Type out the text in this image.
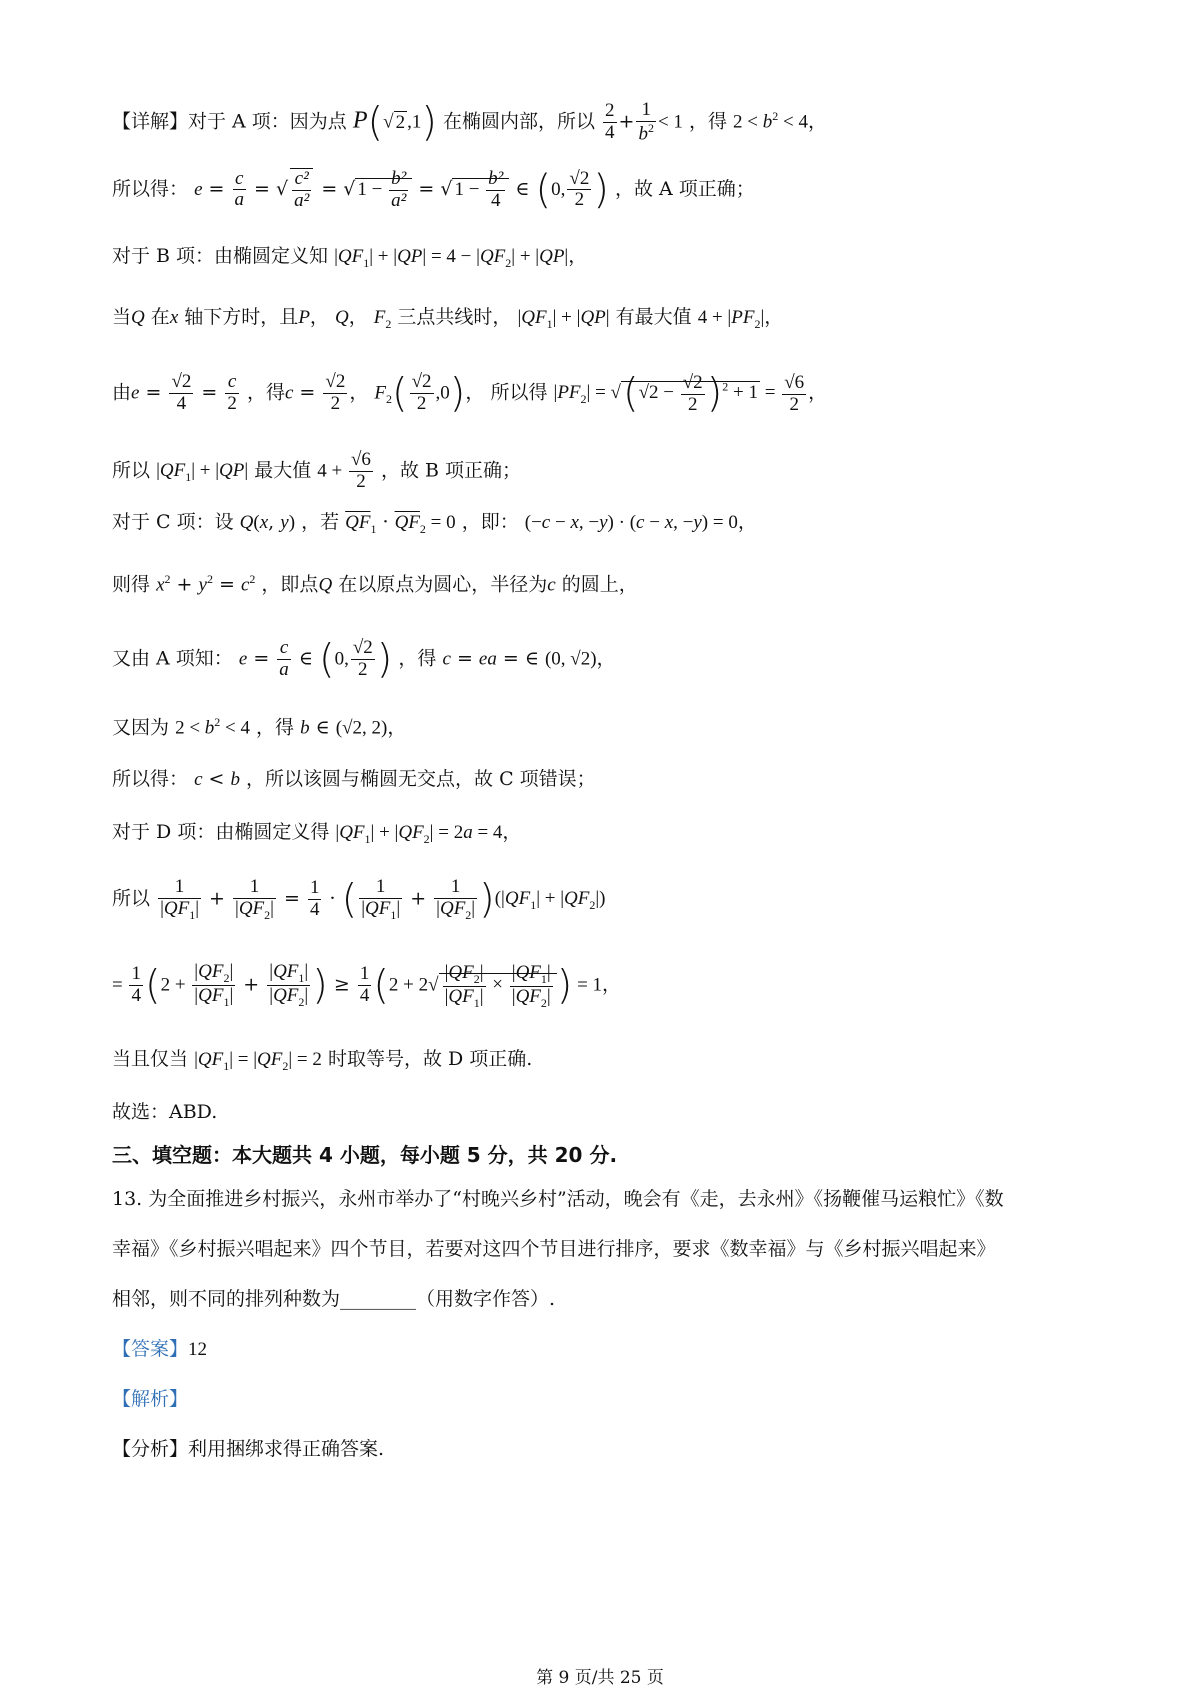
【详解】对于 A 项：因为点 P(√ 2 ,1) 在椭圆内部，所以 $\frac{2}{4} + \frac{1}{b^2} < 1$ ，得 $2 < b^2 < 4$，
所以得： $e = \frac{c}{a}$ = √ $\frac{\text{c²}}{\text{a²}}$ = √ $1 - \frac{\text{b²}}{\text{a²}}$ = √ $1 - \frac{\text{b²}}{4}$ ∈ (0, $\frac{√2}{2}$ ) ，故 A 项正确；
对于 B 项：由椭圆定义知 $|QF_1| + |QP| = 4 - |QF_2| + |QP|$，
当Q 在x 轴下方时，且P， Q， $F_2$ 三点共线时， $|QF_1| + |QP|$ 有最大值 $4 + |PF_2|$，
由$e = \frac{√2}{4} = \frac{c}{2}$ ，得$c = \frac{√2}{2}$ ， $F_2( \frac{√2}{2} ,0)$， 所以得 $|PF_2| = √(√2 - \frac{√2}{2} )^2 + 1 = \frac{√6}{2}$ ，
所以 $|QF_1| + |QP|$ 最大值 $4 + \frac{√6}{2}$ ，故 B 项正确；
对于 C 项：设 Q(x, y) ，若 $\overline{QF}_1 \cdot \overline{QF}_2 = 0$ ，即： (−c − x, −y) · (c − x, −y) = 0，
则得 $x^2 + y^2 = c^2$ ，即点Q 在以原点为圆心，半径为c 的圆上，
又由 A 项知： $e = \frac{c}{a}$ ∈ (0, $\frac{√2}{2}$ ) ，得 c = ea = ∈ (0, √2)，
又因为 $2 < b^2 < 4$ ，得 b ∈ (√2, 2)，
所以得： c < b ，所以该圆与椭圆无交点，故 C 项错误；
对于 D 项：由椭圆定义得 $|QF_1| + |QF_2| = 2a = 4$，
所以 $\frac{1}{|QF_1|} + \frac{1}{|QF_2|} = \frac{1}{4}$ · ( $\frac{1}{|QF_1|} + \frac{1}{|QF_2|} )(|QF_1| + |QF_2|)$
= $\frac{1}{4} (2 + \frac{|QF_2|}{|QF_1|} + \frac{|QF_1|}{|QF_2|}$ ) ≥ $\frac{1}{4} (2 + 2√ \frac{|QF_2|}{|QF_1|} \times \frac{|QF_1|}{|QF_2|}$ ) = 1，
当且仅当 $|QF_1| = |QF_2| = 2$ 时取等号，故 D 项正确.
故选：ABD.
三、填空题：本大题共 4 小题，每小题 5 分，共 20 分.
13. 为全面推进乡村振兴，永州市举办了“村晚兴乡村”活动，晚会有《走，去永州》《扬鞭催马运粮忙》《数
幸福》《乡村振兴唱起来》四个节目，若要对这四个节目进行排序，要求《数幸福》与《乡村振兴唱起来》
相邻，则不同的排列种数为________（用数字作答）.
【答案】12
【解析】
【分析】利用捆绑求得正确答案.
第 9 页/共 25 页
